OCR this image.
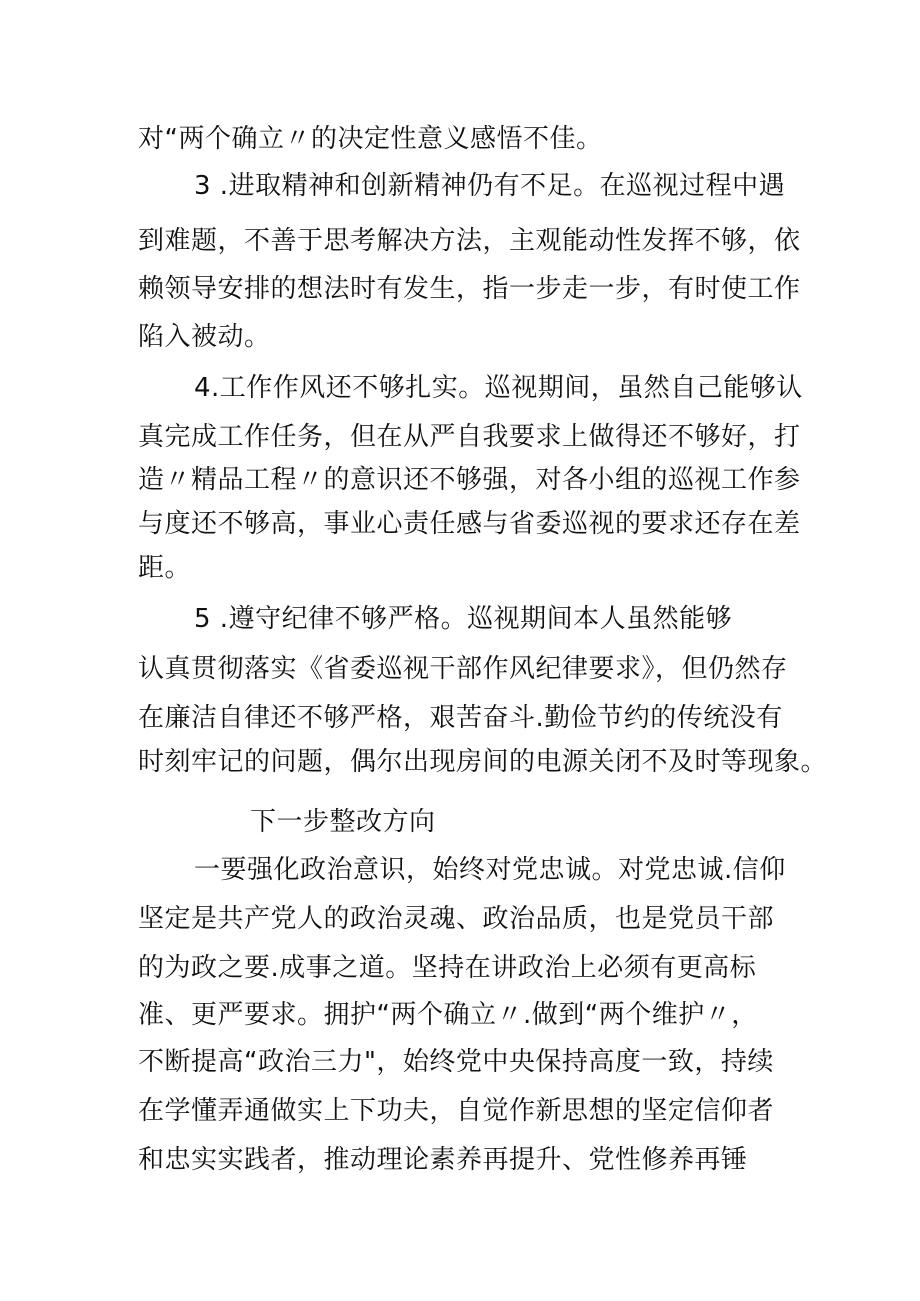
对“两个确立〃的决定性意义感悟不佳。
3 .进取精神和创新精神仍有不足。在巡视过程中遇
到难题，不善于思考解决方法，主观能动性发挥不够，依
赖领导安排的想法时有发生，指一步走一步，有时使工作
陷入被动。
4.工作作风还不够扎实。巡视期间，虽然自己能够认
真完成工作任务，但在从严自我要求上做得还不够好，打
造〃精品工程〃的意识还不够强，对各小组的巡视工作参
与度还不够高，事业心责任感与省委巡视的要求还存在差
距。
5 .遵守纪律不够严格。巡视期间本人虽然能够
认真贯彻落实《省委巡视干部作风纪律要求》，但仍然存
在廉洁自律还不够严格，艰苦奋斗.勤俭节约的传统没有
时刻牢记的问题，偶尔出现房间的电源关闭不及时等现象。
下一步整改方向
一要强化政治意识，始终对党忠诚。对党忠诚.信仰
坚定是共产党人的政治灵魂、政治品质，也是党员干部
的为政之要.成事之道。坚持在讲政治上必须有更高标
准、更严要求。拥护“两个确立〃.做到“两个维护〃，
不断提高“政治三力"，始终党中央保持高度一致，持续
在学懂弄通做实上下功夫，自觉作新思想的坚定信仰者
和忠实实践者，推动理论素养再提升、党性修养再锤
